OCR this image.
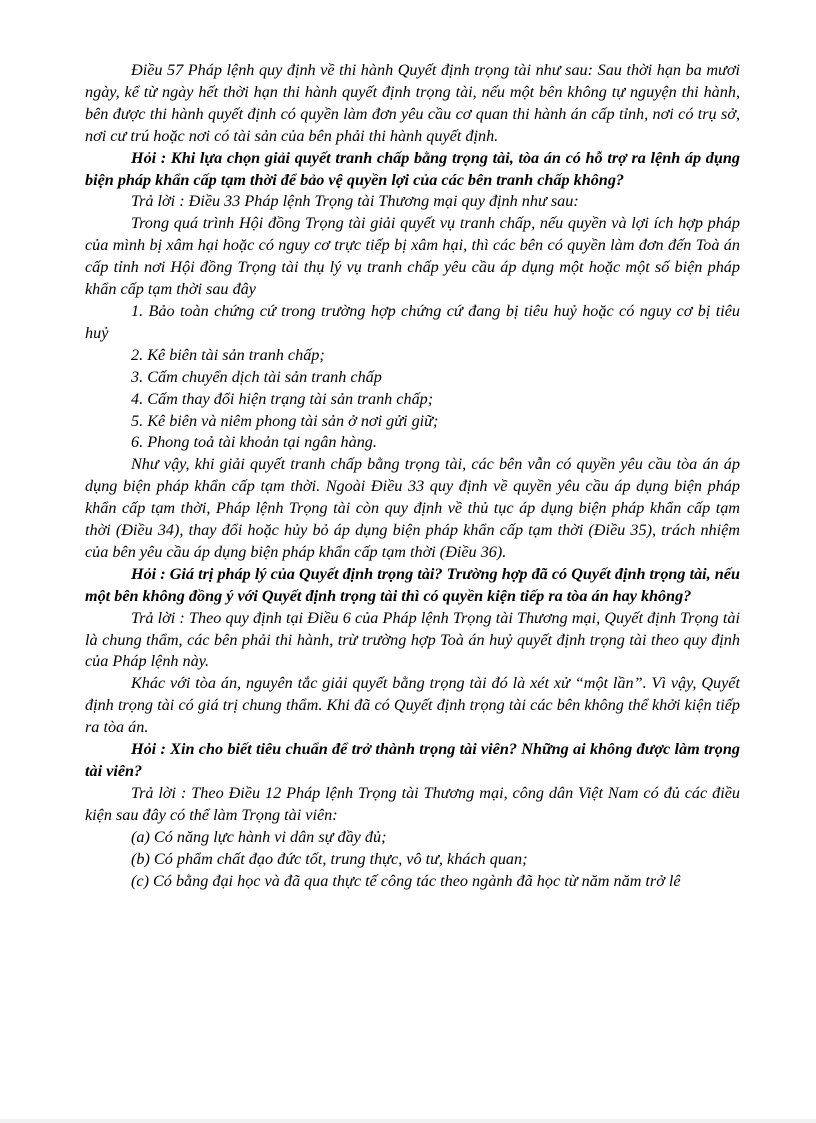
Điều 57 Pháp lệnh quy định về thi hành Quyết định trọng tài như sau: Sau thời hạn ba mươi ngày, kể từ ngày hết thời hạn thi hành quyết định trọng tài, nếu một bên không tự nguyện thi hành, bên được thi hành quyết định có quyền làm đơn yêu cầu cơ quan thi hành án cấp tỉnh, nơi có trụ sở, nơi cư trú hoặc nơi có tài sản của bên phải thi hành quyết định.

Hỏi : Khi lựa chọn giải quyết tranh chấp bằng trọng tài, tòa án có hỗ trợ ra lệnh áp dụng biện pháp khẩn cấp tạm thời để bảo vệ quyền lợi của các bên tranh chấp không?

Trả lời : Điều 33 Pháp lệnh Trọng tài Thương mại quy định như sau:

Trong quá trình Hội đồng Trọng tài giải quyết vụ tranh chấp, nếu quyền và lợi ích hợp pháp của mình bị xâm hại hoặc có nguy cơ trực tiếp bị xâm hại, thì các bên có quyền làm đơn đến Toà án cấp tỉnh nơi Hội đồng Trọng tài thụ lý vụ tranh chấp yêu cầu áp dụng một hoặc một số biện pháp khẩn cấp tạm thời sau đây

1. Bảo toàn chứng cứ trong trường hợp chứng cứ đang bị tiêu huỷ hoặc có nguy cơ bị tiêu huỷ

2. Kê biên tài sản tranh chấp;

3. Cấm chuyển dịch tài sản tranh chấp

4. Cấm thay đổi hiện trạng tài sản tranh chấp;

5. Kê biên và niêm phong tài sản ở nơi gửi giữ;

6. Phong toả tài khoản tại ngân hàng.

Như vậy, khi giải quyết tranh chấp bằng trọng tài, các bên vẫn có quyền yêu cầu tòa án áp dụng biện pháp khẩn cấp tạm thời. Ngoài Điều 33 quy định về quyền yêu cầu áp dụng biện pháp khẩn cấp tạm thời, Pháp lệnh Trọng tài còn quy định về thủ tục áp dụng biện pháp khẩn cấp tạm thời (Điều 34), thay đổi hoặc hủy bỏ áp dụng biện pháp khẩn cấp tạm thời (Điều 35), trách nhiệm của bên yêu cầu áp dụng biện pháp khẩn cấp tạm thời (Điều 36).

Hỏi : Giá trị pháp lý của Quyết định trọng tài? Trường hợp đã có Quyết định trọng tài, nếu một bên không đồng ý với Quyết định trọng tài thì có quyền kiện tiếp ra tòa án hay không?

Trả lời : Theo quy định tại Điều 6 của Pháp lệnh Trọng tài Thương mại, Quyết định Trọng tài là chung thẩm, các bên phải thi hành, trừ trường hợp Toà án huỷ quyết định trọng tài theo quy định của Pháp lệnh này.

Khác với tòa án, nguyên tắc giải quyết bằng trọng tài đó là xét xử “một lần”. Vì vậy, Quyết định trọng tài có giá trị chung thẩm. Khi đã có Quyết định trọng tài các bên không thể khởi kiện tiếp ra tòa án.

Hỏi : Xin cho biết tiêu chuẩn để trở thành trọng tài viên? Những ai không được làm trọng tài viên?

Trả lời : Theo Điều 12 Pháp lệnh Trọng tài Thương mại, công dân Việt Nam có đủ các điều kiện sau đây có thể làm Trọng tài viên:

(a) Có năng lực hành vi dân sự đầy đủ;

(b) Có phẩm chất đạo đức tốt, trung thực, vô tư, khách quan;

(c) Có bằng đại học và đã qua thực tế công tác theo ngành đã học từ năm năm trở lê
